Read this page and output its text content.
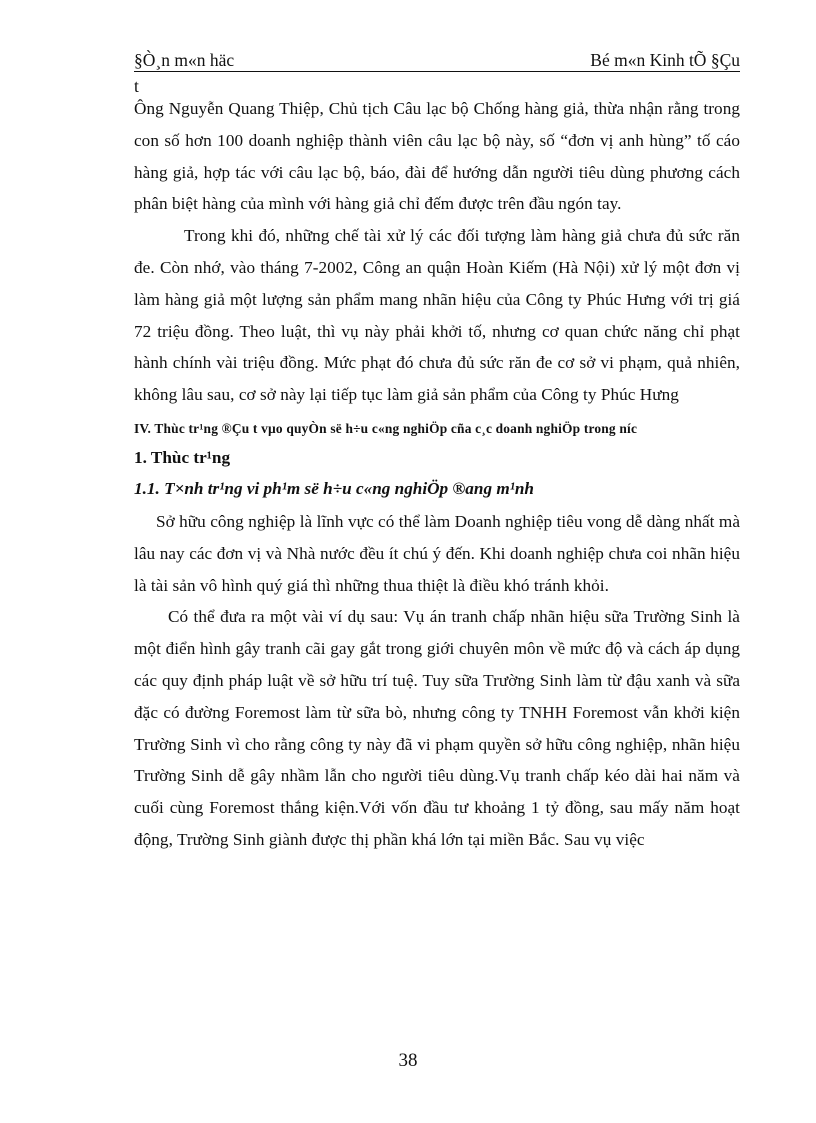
§Ò¸n m«n häc	Bé m«n Kinh tÕ §Çu
t

Ông Nguyễn Quang Thiệp, Chủ tịch Câu lạc bộ Chống hàng giả, thừa nhận rằng trong con số hơn 100 doanh nghiệp thành viên câu lạc bộ này, số “đơn vị anh hùng” tố cáo hàng giả, hợp tác với câu lạc bộ, báo, đài để hướng dẫn người tiêu dùng phương cách phân biệt hàng của mình với hàng giả chỉ đếm được trên đầu ngón tay.

Trong khi đó, những chế tài xử lý các đối tượng làm hàng giả chưa đủ sức răn đe. Còn nhớ, vào tháng 7-2002, Công an quận Hoàn Kiếm (Hà Nội) xử lý một đơn vị làm hàng giả một lượng sản phẩm mang nhãn hiệu của Công ty Phúc Hưng với trị giá 72 triệu đồng. Theo luật, thì vụ này phải khởi tố, nhưng cơ quan chức năng chỉ phạt hành chính vài triệu đồng. Mức phạt đó chưa đủ sức răn đe cơ sở vi phạm, quả nhiên, không lâu sau, cơ sở này lại tiếp tục làm giả sản phẩm của Công ty Phúc Hưng

IV. Thùc tr¹ng ®Çu t vµo quyÒn së h÷u c«ng nghiÖp cña c¸c doanh nghiÖp trong níc

1. Thùc tr¹ng

1.1. T×nh tr¹ng vi ph¹m së h÷u c«ng nghiÖp ®ang m¹nh

Sở hữu công nghiệp là lĩnh vực có thể làm Doanh nghiệp tiêu vong dễ dàng nhất mà lâu nay các đơn vị và Nhà nước đều ít chú ý đến. Khi doanh nghiệp chưa coi nhãn hiệu là tài sản vô hình quý giá thì những thua thiệt là điều khó tránh khỏi.

Có thể đưa ra một vài ví dụ sau: Vụ án tranh chấp nhãn hiệu sữa Trường Sinh là một điển hình gây tranh cãi gay gắt trong giới chuyên môn về mức độ và cách áp dụng các quy định pháp luật về sở hữu trí tuệ. Tuy sữa Trường Sinh làm từ đậu xanh và sữa đặc có đường Foremost làm từ sữa bò, nhưng công ty TNHH Foremost vẫn khởi kiện Trường Sinh vì cho rằng công ty này đã vi phạm quyền sở hữu công nghiệp, nhãn hiệu Trường Sinh dễ gây nhầm lẫn cho người tiêu dùng.Vụ tranh chấp kéo dài hai năm và cuối cùng Foremost thắng kiện.Với vốn đầu tư khoảng 1 tỷ đồng, sau mấy năm hoạt động, Trường Sinh giành được thị phần khá lớn tại miền Bắc. Sau vụ việc

38
